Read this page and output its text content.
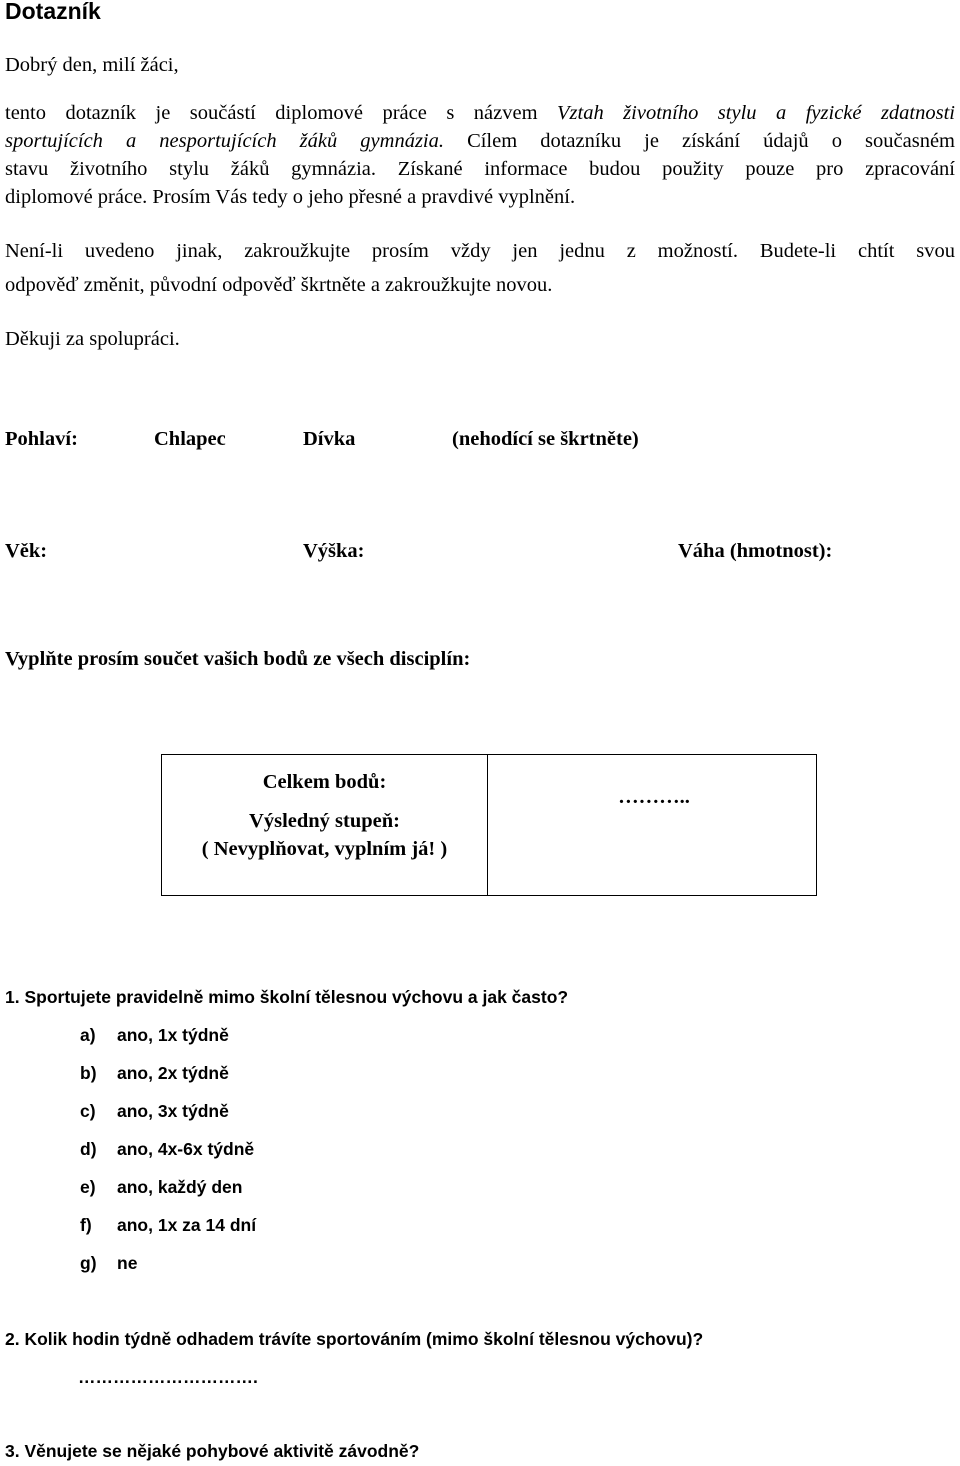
Dotazník
Dobrý den, milí žáci,
tento dotazník je součástí diplomové práce s názvem Vztah životního stylu a fyzické zdatnosti
sportujících a nesportujících žáků gymnázia. Cílem dotazníku je získání údajů o současném
stavu životního stylu žáků gymnázia. Získané informace budou použity pouze pro zpracování
diplomové práce. Prosím Vás tedy o jeho přesné a pravdivé vyplnění.
Není-li uvedeno jinak, zakroužkujte prosím vždy jen jednu z možností. Budete-li chtít svou
odpověď změnit, původní odpověď škrtněte a zakroužkujte novou.
Děkuji za spolupráci.
Pohlaví:	Chlapec	Dívka	(nehodící se škrtněte)
Věk:	Výška:	Váha (hmotnost):
Vyplňte prosím součet vašich bodů ze všech disciplín:
Celkem bodů:
Výsledný stupeň:
( Nevyplňovat, vyplním já! )

………..
1. Sportujete pravidelně mimo školní tělesnou výchovu a jak často?
a) ano, 1x týdně
b) ano, 2x týdně
c) ano, 3x týdně
d) ano, 4x-6x týdně
e) ano, každý den
f) ano, 1x za 14 dní
g) ne
2. Kolik hodin týdně odhadem trávíte sportováním (mimo školní tělesnou výchovu)?
………………………….
3. Věnujete se nějaké pohybové aktivitě závodně?
